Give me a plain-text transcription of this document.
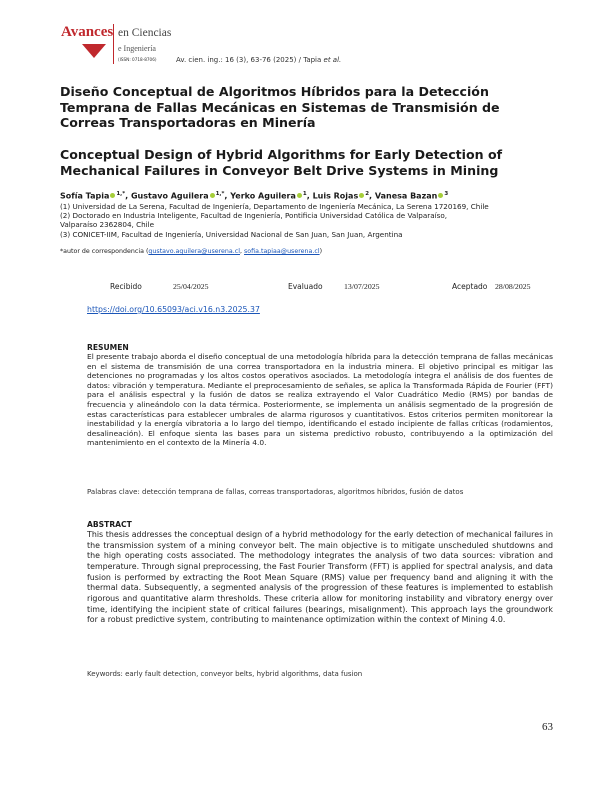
Avances en Ciencias
e Ingeniería
(ISSN: 0718-8706)	Av. cien. ing.: 16 (3), 63-76 (2025) / Tapia et al.
Diseño Conceptual de Algoritmos Híbridos para la Detección Temprana de Fallas Mecánicas en Sistemas de Transmisión de Correas Transportadoras en Minería
Conceptual Design of Hybrid Algorithms for Early Detection of Mechanical Failures in Conveyor Belt Drive Systems in Mining
Sofía Tapia $^{1,*}$, Gustavo Aguilera $^{1,*}$, Yerko Aguilera $^1$, Luis Rojas $^2$, Vanesa Bazan $^3$
(1) Universidad de La Serena, Facultad de Ingeniería, Departamento de Ingeniería Mecánica, La Serena 1720169, Chile
(2) Doctorado en Industria Inteligente, Facultad de Ingeniería, Pontificia Universidad Católica de Valparaíso,
Valparaíso 2362804, Chile
(3) CONICET-IIM, Facultad de Ingeniería, Universidad Nacional de San Juan, San Juan, Argentina
*autor de correspondencia (gustavo.aguilera@userena.cl, sofia.tapiaa@userena.cl)
Recibido	25/04/2025	Evaluado	13/07/2025	Aceptado 28/08/2025
https://doi.org/10.65093/aci.v16.n3.2025.37
RESUMEN
El presente trabajo aborda el diseño conceptual de una metodología híbrida para la detección temprana de fallas mecánicas en el sistema de transmisión de una correa transportadora en la industria minera. El objetivo principal es mitigar las detenciones no programadas y los altos costos operativos asociados. La metodología integra el análisis de dos fuentes de datos: vibración y temperatura. Mediante el preprocesamiento de señales, se aplica la Transformada Rápida de Fourier (FFT) para el análisis espectral y la fusión de datos se realiza extrayendo el Valor Cuadrático Medio (RMS) por bandas de frecuencia y alineándolo con la data térmica. Posteriormente, se implementa un análisis segmentado de la progresión de estas características para establecer umbrales de alarma rigurosos y cuantitativos. Estos criterios permiten monitorear la inestabilidad y la energía vibratoria a lo largo del tiempo, identificando el estado incipiente de fallas críticas (rodamientos, desalineación). El enfoque sienta las bases para un sistema predictivo robusto, contribuyendo a la optimización del mantenimiento en el contexto de la Minería 4.0.
Palabras clave: detección temprana de fallas, correas transportadoras, algoritmos híbridos, fusión de datos
ABSTRACT
This thesis addresses the conceptual design of a hybrid methodology for the early detection of mechanical failures in the transmission system of a mining conveyor belt. The main objective is to mitigate unscheduled shutdowns and the high operating costs associated. The methodology integrates the analysis of two data sources: vibration and temperature. Through signal preprocessing, the Fast Fourier Transform (FFT) is applied for spectral analysis, and data fusion is performed by extracting the Root Mean Square (RMS) value per frequency band and aligning it with the thermal data. Subsequently, a segmented analysis of the progression of these features is implemented to establish rigorous and quantitative alarm thresholds. These criteria allow for monitoring instability and vibratory energy over time, identifying the incipient state of critical failures (bearings, misalignment). This approach lays the groundwork for a robust predictive system, contributing to maintenance optimization within the context of Mining 4.0.
Keywords: early fault detection, conveyor belts, hybrid algorithms, data fusion
63
